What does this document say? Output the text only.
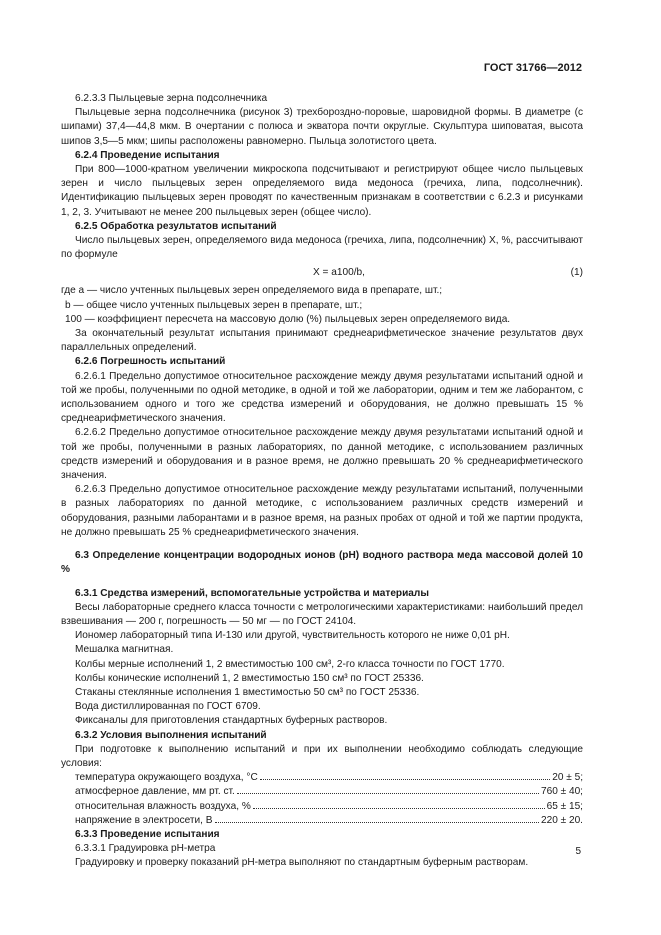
ГОСТ 31766—2012

6.2.3.3 Пыльцевые зерна подсолнечника

Пыльцевые зерна подсолнечника (рисунок 3) трехбороздно-поровые, шаровидной формы. В диаметре (с шипами) 37,4—44,8 мкм. В очертании с полюса и экватора почти округлые. Скульптура шиповатая, высота шипов 3,5—5 мкм; шипы расположены равномерно. Пыльца золотистого цвета.

6.2.4 Проведение испытания

При 800—1000-кратном увеличении микроскопа подсчитывают и регистрируют общее число пыльцевых зерен и число пыльцевых зерен определяемого вида медоноса (гречиха, липа, подсолнечник). Идентификацию пыльцевых зерен проводят по качественным признакам в соответствии с 6.2.3 и рисунками 1, 2, 3. Учитывают не менее 200 пыльцевых зерен (общее число).

6.2.5 Обработка результатов испытаний

Число пыльцевых зерен, определяемого вида медоноса (гречиха, липа, подсолнечник) X, %, рассчитывают по формуле

X = a100/b,	(1)

где a — число учтенных пыльцевых зерен определяемого вида в препарате, шт.;

b — общее число учтенных пыльцевых зерен в препарате, шт.;

100 — коэффициент пересчета на массовую долю (%) пыльцевых зерен определяемого вида.

За окончательный результат испытания принимают среднеарифметическое значение результатов двух параллельных определений.

6.2.6 Погрешность испытаний

6.2.6.1 Предельно допустимое относительное расхождение между двумя результатами испытаний одной и той же пробы, полученными по одной методике, в одной и той же лаборатории, одним и тем же лаборантом, с использованием одного и того же средства измерений и оборудования, не должно превышать 15 % среднеарифметического значения.

6.2.6.2 Предельно допустимое относительное расхождение между двумя результатами испытаний одной и той же пробы, полученными в разных лабораториях, по данной методике, с использованием различных средств измерений и оборудования и в разное время, не должно превышать 20 % среднеарифметического значения.

6.2.6.3 Предельно допустимое относительное расхождение между результатами испытаний, полученными в разных лабораториях по данной методике, с использованием различных средств измерений и оборудования, разными лаборантами и в разное время, на разных пробах от одной и той же партии продукта, не должно превышать 25 % среднеарифметического значения.

6.3 Определение концентрации водородных ионов (рН) водного раствора меда массовой долей 10 %

6.3.1 Средства измерений, вспомогательные устройства и материалы

Весы лабораторные среднего класса точности с метрологическими характеристиками: наибольший предел взвешивания — 200 г, погрешность — 50 мг — по ГОСТ 24104.

Иономер лабораторный типа И-130 или другой, чувствительность которого не ниже 0,01 рН.

Мешалка магнитная.

Колбы мерные исполнений 1, 2 вместимостью 100 см³, 2-го класса точности по ГОСТ 1770.

Колбы конические исполнений 1, 2 вместимостью 150 см³ по ГОСТ 25336.

Стаканы стеклянные исполнения 1 вместимостью 50 см³ по ГОСТ 25336.

Вода дистиллированная по ГОСТ 6709.

Фиксаналы для приготовления стандартных буферных растворов.

6.3.2 Условия выполнения испытаний

При подготовке к выполнению испытаний и при их выполнении необходимо соблюдать следующие условия:

температура окружающего воздуха, °С	20 ± 5;
атмосферное давление, мм рт. ст.	760 ± 40;
относительная влажность воздуха, %	65 ± 15;
напряжение в электросети, В	220 ± 20.

6.3.3 Проведение испытания

6.3.3.1 Градуировка рН-метра

Градуировку и проверку показаний рН-метра выполняют по стандартным буферным растворам.

5
